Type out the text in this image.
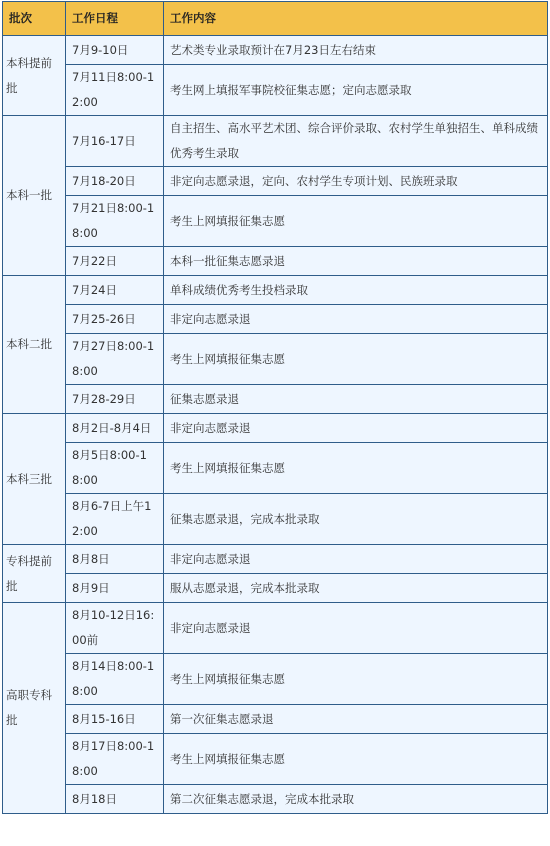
批次	工作日程	工作内容
本科提前批	7月9-10日	艺术类专业录取预计在7月23日左右结束
	7月11日8:00-12:00	考生网上填报军事院校征集志愿；定向志愿录取
本科一批	7月16-17日	自主招生、高水平艺术团、综合评价录取、农村学生单独招生、单科成绩优秀考生录取
	7月18-20日	非定向志愿录退，定向、农村学生专项计划、民族班录取
	7月21日8:00-18:00	考生上网填报征集志愿
	7月22日	本科一批征集志愿录退
本科二批	7月24日	单科成绩优秀考生投档录取
	7月25-26日	非定向志愿录退
	7月27日8:00-18:00	考生上网填报征集志愿
	7月28-29日	征集志愿录退
本科三批	8月2日-8月4日	非定向志愿录退
	8月5日8:00-18:00	考生上网填报征集志愿
	8月6-7日上午12:00	征集志愿录退，完成本批录取
专科提前批	8月8日	非定向志愿录退
	8月9日	服从志愿录退，完成本批录取
高职专科批	8月10-12日16:00前	非定向志愿录退
	8月14日8:00-18:00	考生上网填报征集志愿
	8月15-16日	第一次征集志愿录退
	8月17日8:00-18:00	考生上网填报征集志愿
	8月18日	第二次征集志愿录退，完成本批录取
